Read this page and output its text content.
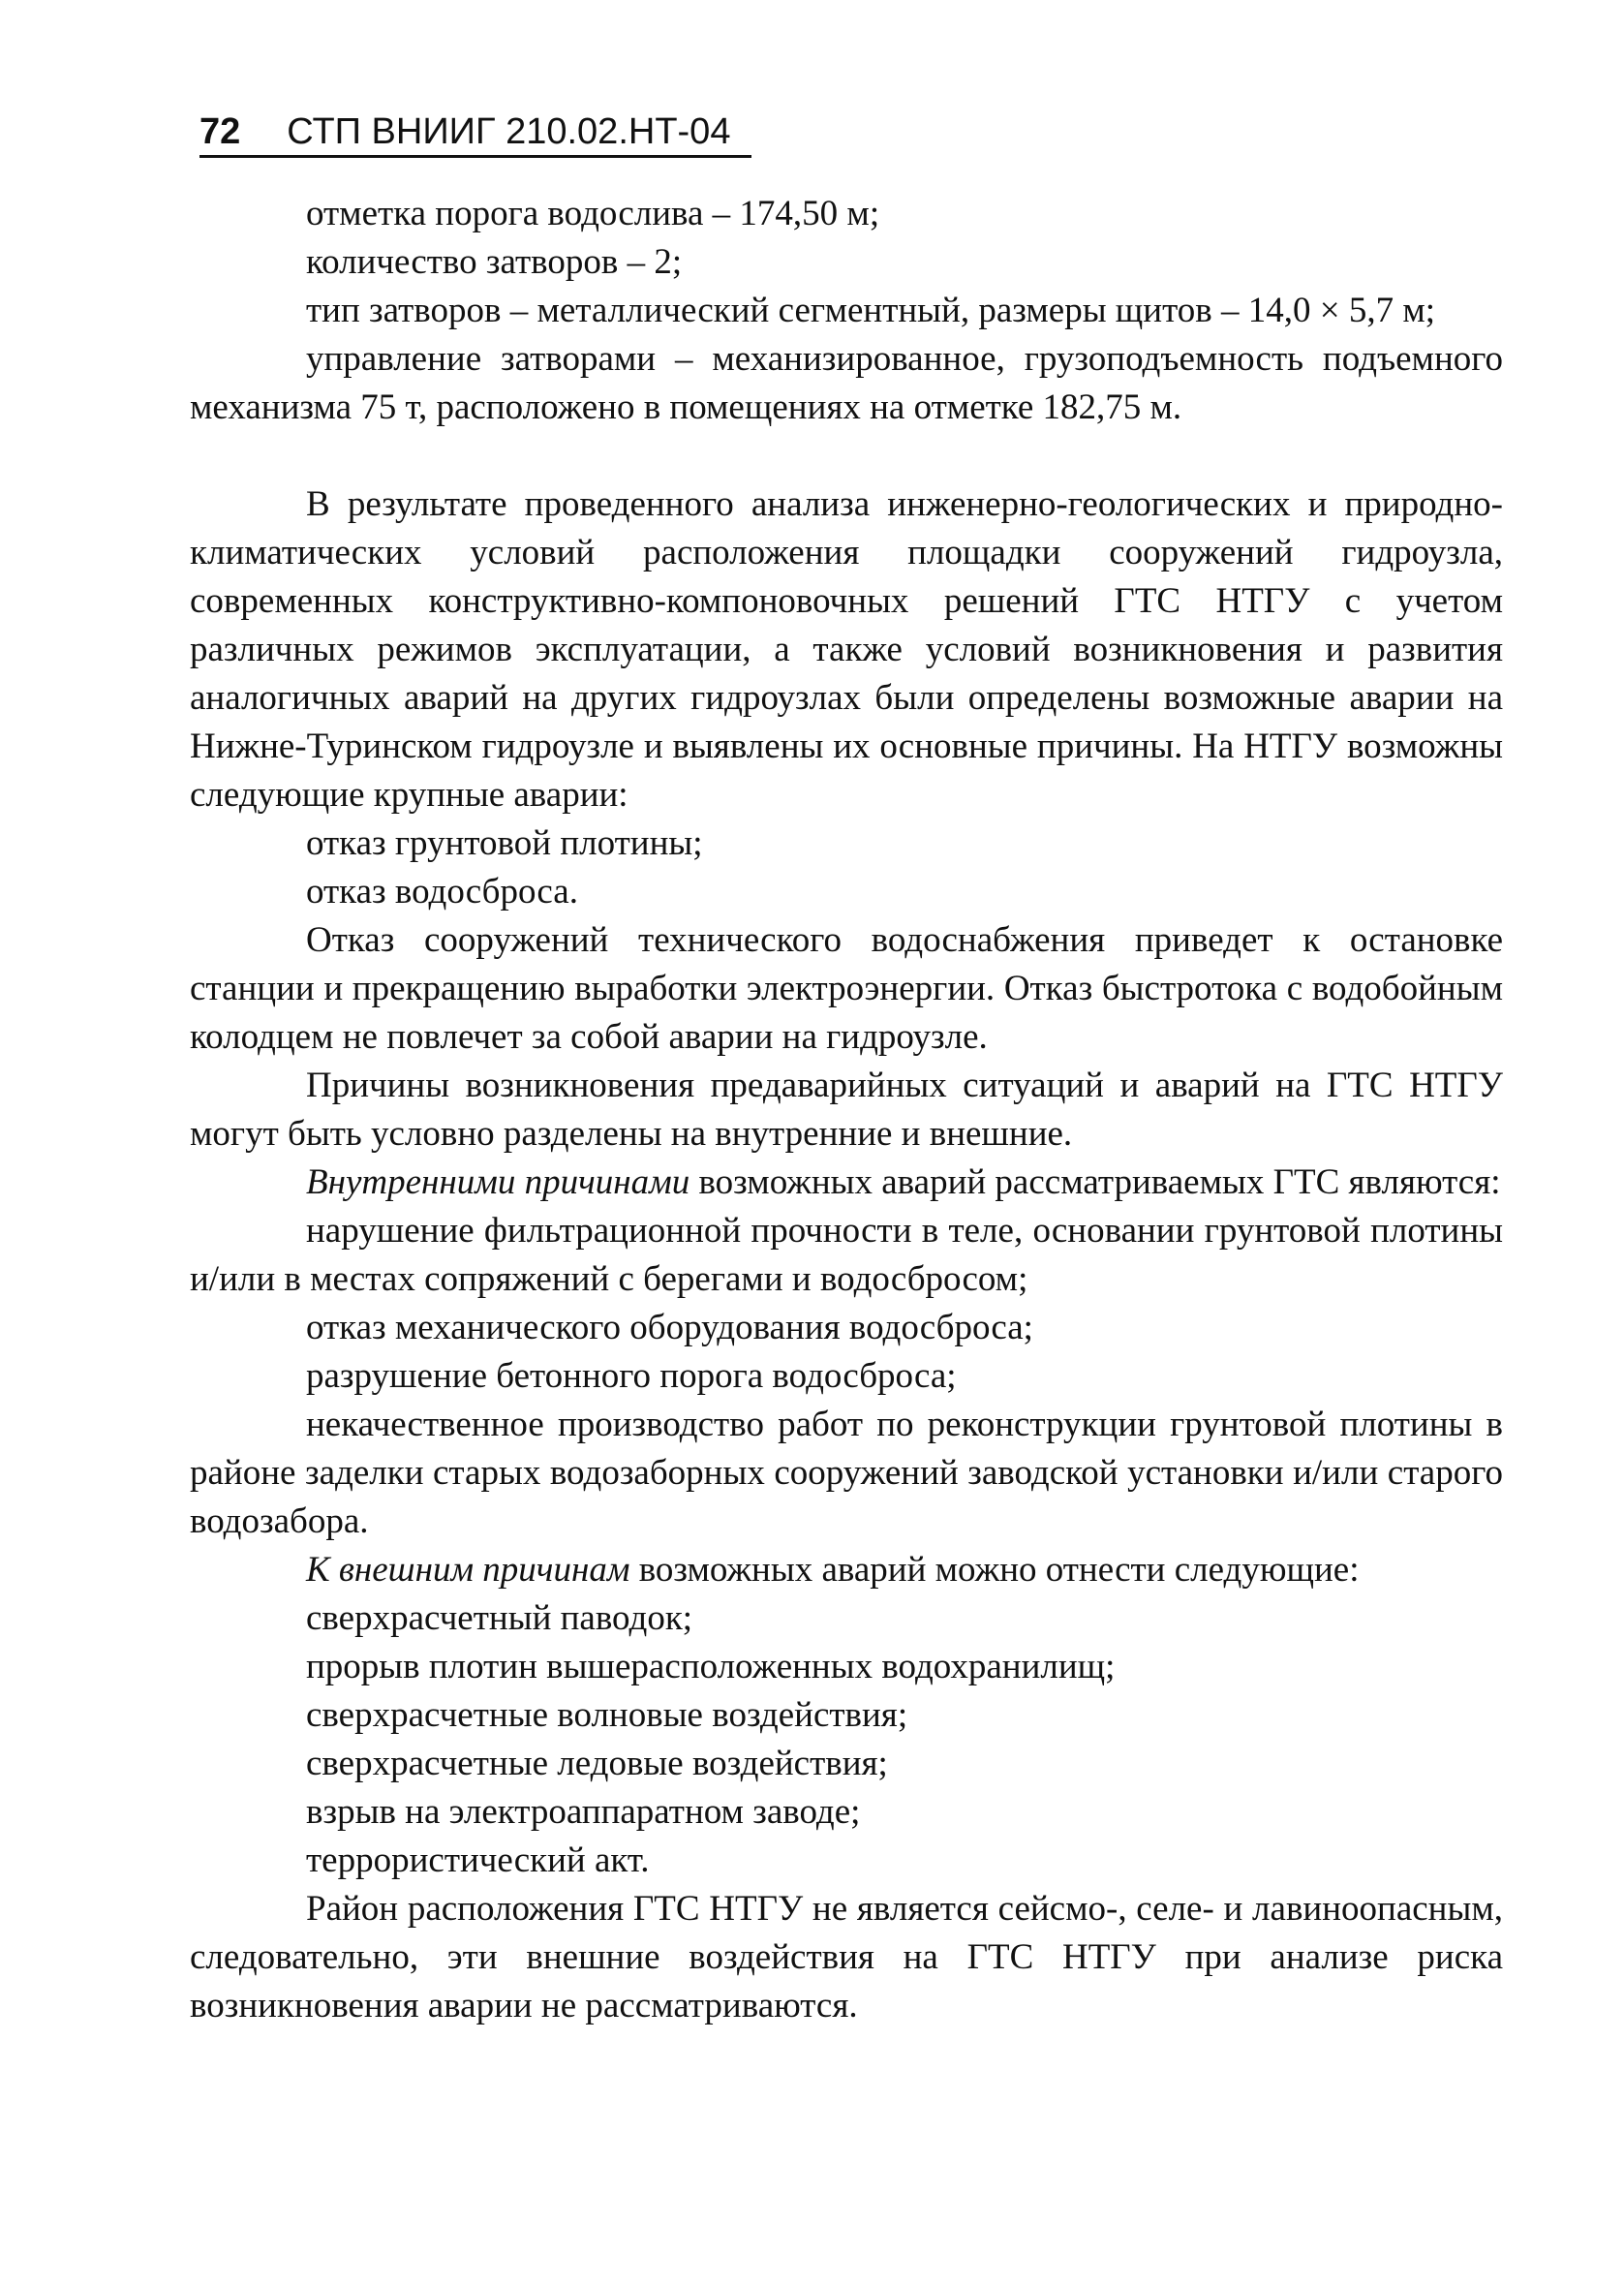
72 СТП ВНИИГ 210.02.НТ-04

отметка порога водослива – 174,50 м;

количество затворов – 2;

тип затворов – металлический сегментный, размеры щитов – 14,0 × 5,7 м;

управление затворами – механизированное, грузоподъемность подъемного механизма 75 т, расположено в помещениях на отметке 182,75 м.

В результате проведенного анализа инженерно-геологических и природно-климатических условий расположения площадки сооружений гидроузла, современных конструктивно-компоновочных решений ГТС НТГУ с учетом различных режимов эксплуатации, а также условий возникновения и развития аналогичных аварий на других гидроузлах были определены возможные аварии на Нижне-Туринском гидроузле и выявлены их основные причины. На НТГУ возможны следующие крупные аварии:

отказ грунтовой плотины;

отказ водосброса.

Отказ сооружений технического водоснабжения приведет к остановке станции и прекращению выработки электроэнергии. Отказ быстротока с водобойным колодцем не повлечет за собой аварии на гидроузле.

Причины возникновения предаварийных ситуаций и аварий на ГТС НТГУ могут быть условно разделены на внутренние и внешние.

Внутренними причинами возможных аварий рассматриваемых ГТС являются:

нарушение фильтрационной прочности в теле, основании грунтовой плотины и/или в местах сопряжений с берегами и водосбросом;

отказ механического оборудования водосброса;

разрушение бетонного порога водосброса;

некачественное производство работ по реконструкции грунтовой плотины в районе заделки старых водозаборных сооружений заводской установки и/или старого водозабора.

К внешним причинам возможных аварий можно отнести следующие:

сверхрасчетный паводок;

прорыв плотин вышерасположенных водохранилищ;

сверхрасчетные волновые воздействия;

сверхрасчетные ледовые воздействия;

взрыв на электроаппаратном заводе;

террористический акт.

Район расположения ГТС НТГУ не является сейсмо-, селе- и лавиноопасным, следовательно, эти внешние воздействия на ГТС НТГУ при анализе риска возникновения аварии не рассматриваются.
